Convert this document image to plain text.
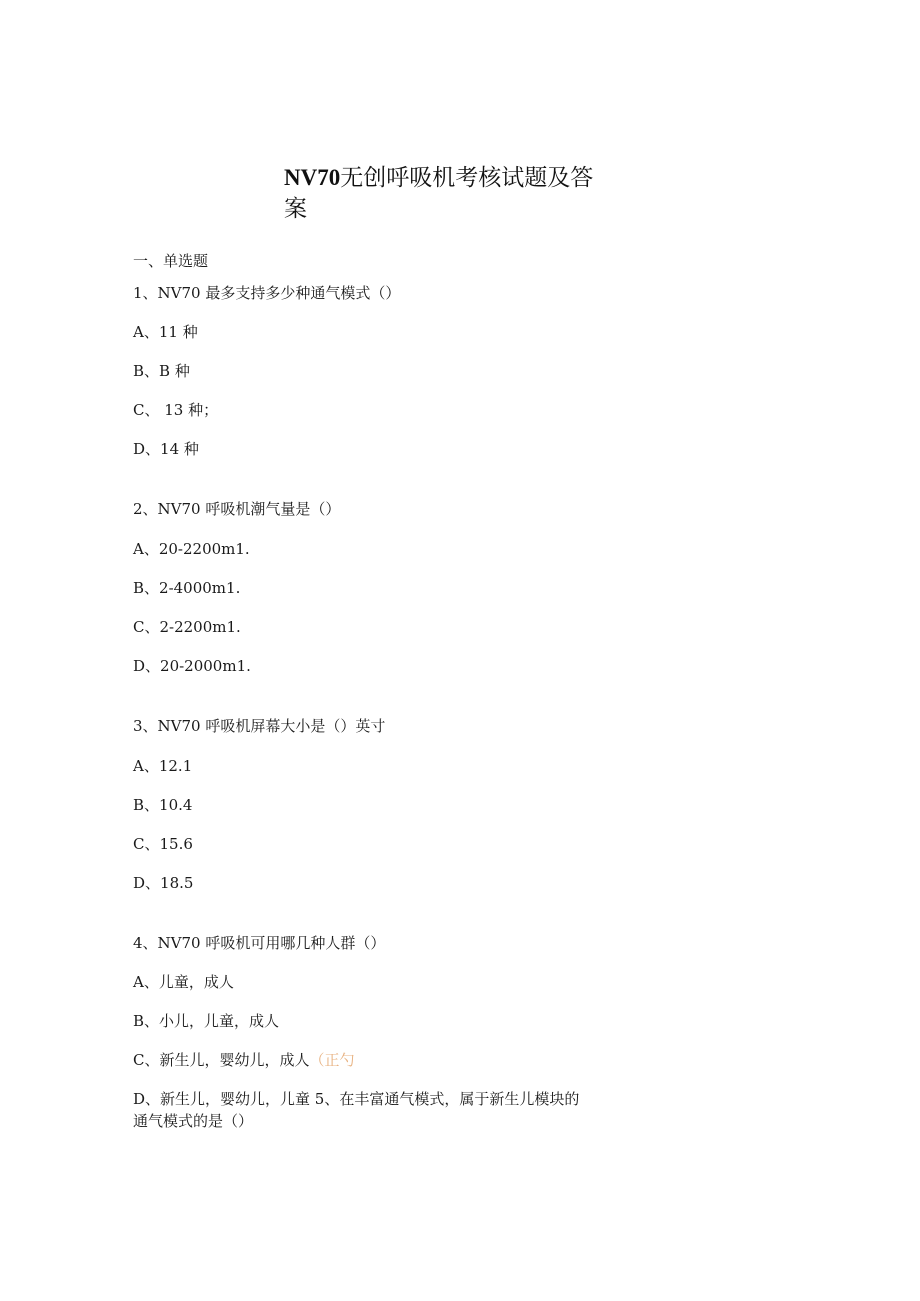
NV70无创呼吸机考核试题及答案
一、单选题
1、NV70 最多支持多少种通气模式（）
A、11 种
B、B 种
C、 13 种；
D、14 种
2、NV70 呼吸机潮气量是（）
A、20-2200m1.
B、2-4000m1.
C、2-2200m1.
D、20-2000m1.
3、NV70 呼吸机屏幕大小是（）英寸
A、12.1
B、10.4
C、15.6
D、18.5
4、NV70 呼吸机可用哪几种人群（）
A、儿童，成人
B、小儿，儿童，成人
C、新生儿，婴幼儿，成人（正勺
D、新生儿，婴幼儿，儿童 5、在丰富通气模式，属于新生儿模块的通气模式的是（）
